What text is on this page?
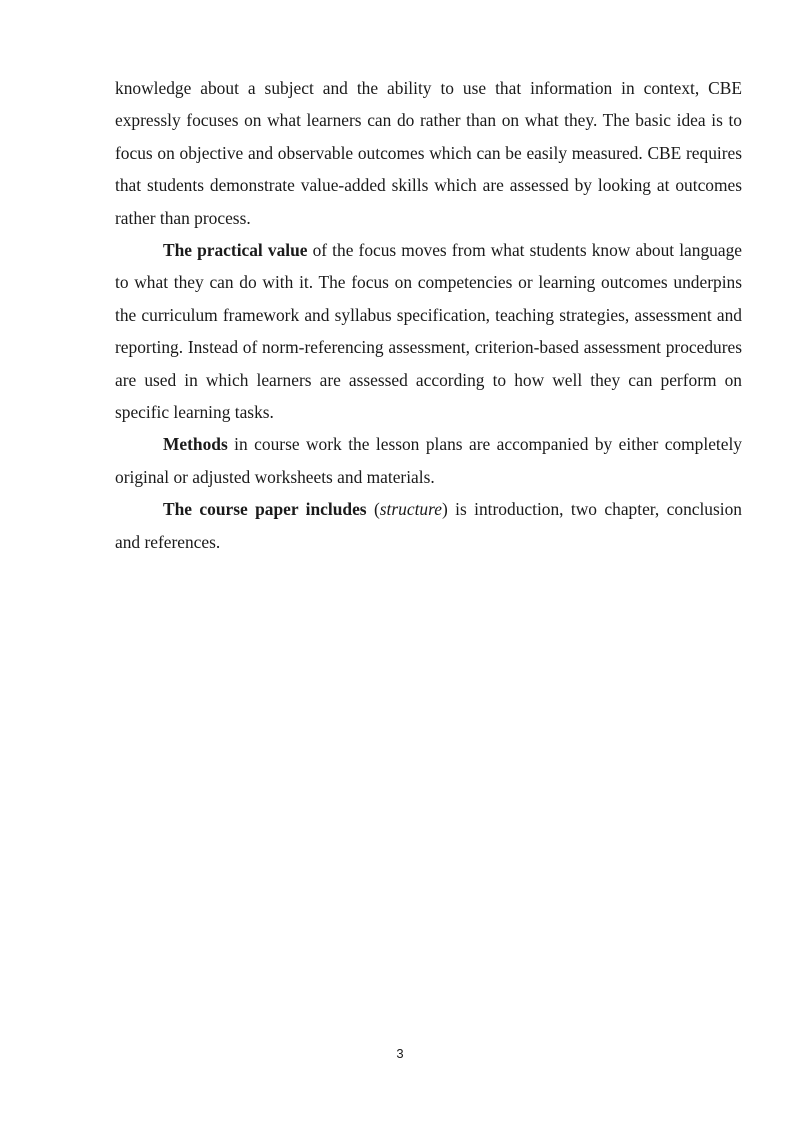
knowledge about a subject and the ability to use that information in context, CBE expressly focuses on what learners can do rather than on what they. The basic idea is to focus on objective and observable outcomes which can be easily measured. CBE requires that students demonstrate value-added skills which are assessed by looking at outcomes rather than process.

The practical value of the focus moves from what students know about language to what they can do with it. The focus on competencies or learning outcomes underpins the curriculum framework and syllabus specification, teaching strategies, assessment and reporting. Instead of norm-referencing assessment, criterion-based assessment procedures are used in which learners are assessed according to how well they can perform on specific learning tasks.

Methods in course work the lesson plans are accompanied by either completely original or adjusted worksheets and materials.

The course paper includes (structure) is introduction, two chapter, conclusion and references.

3
